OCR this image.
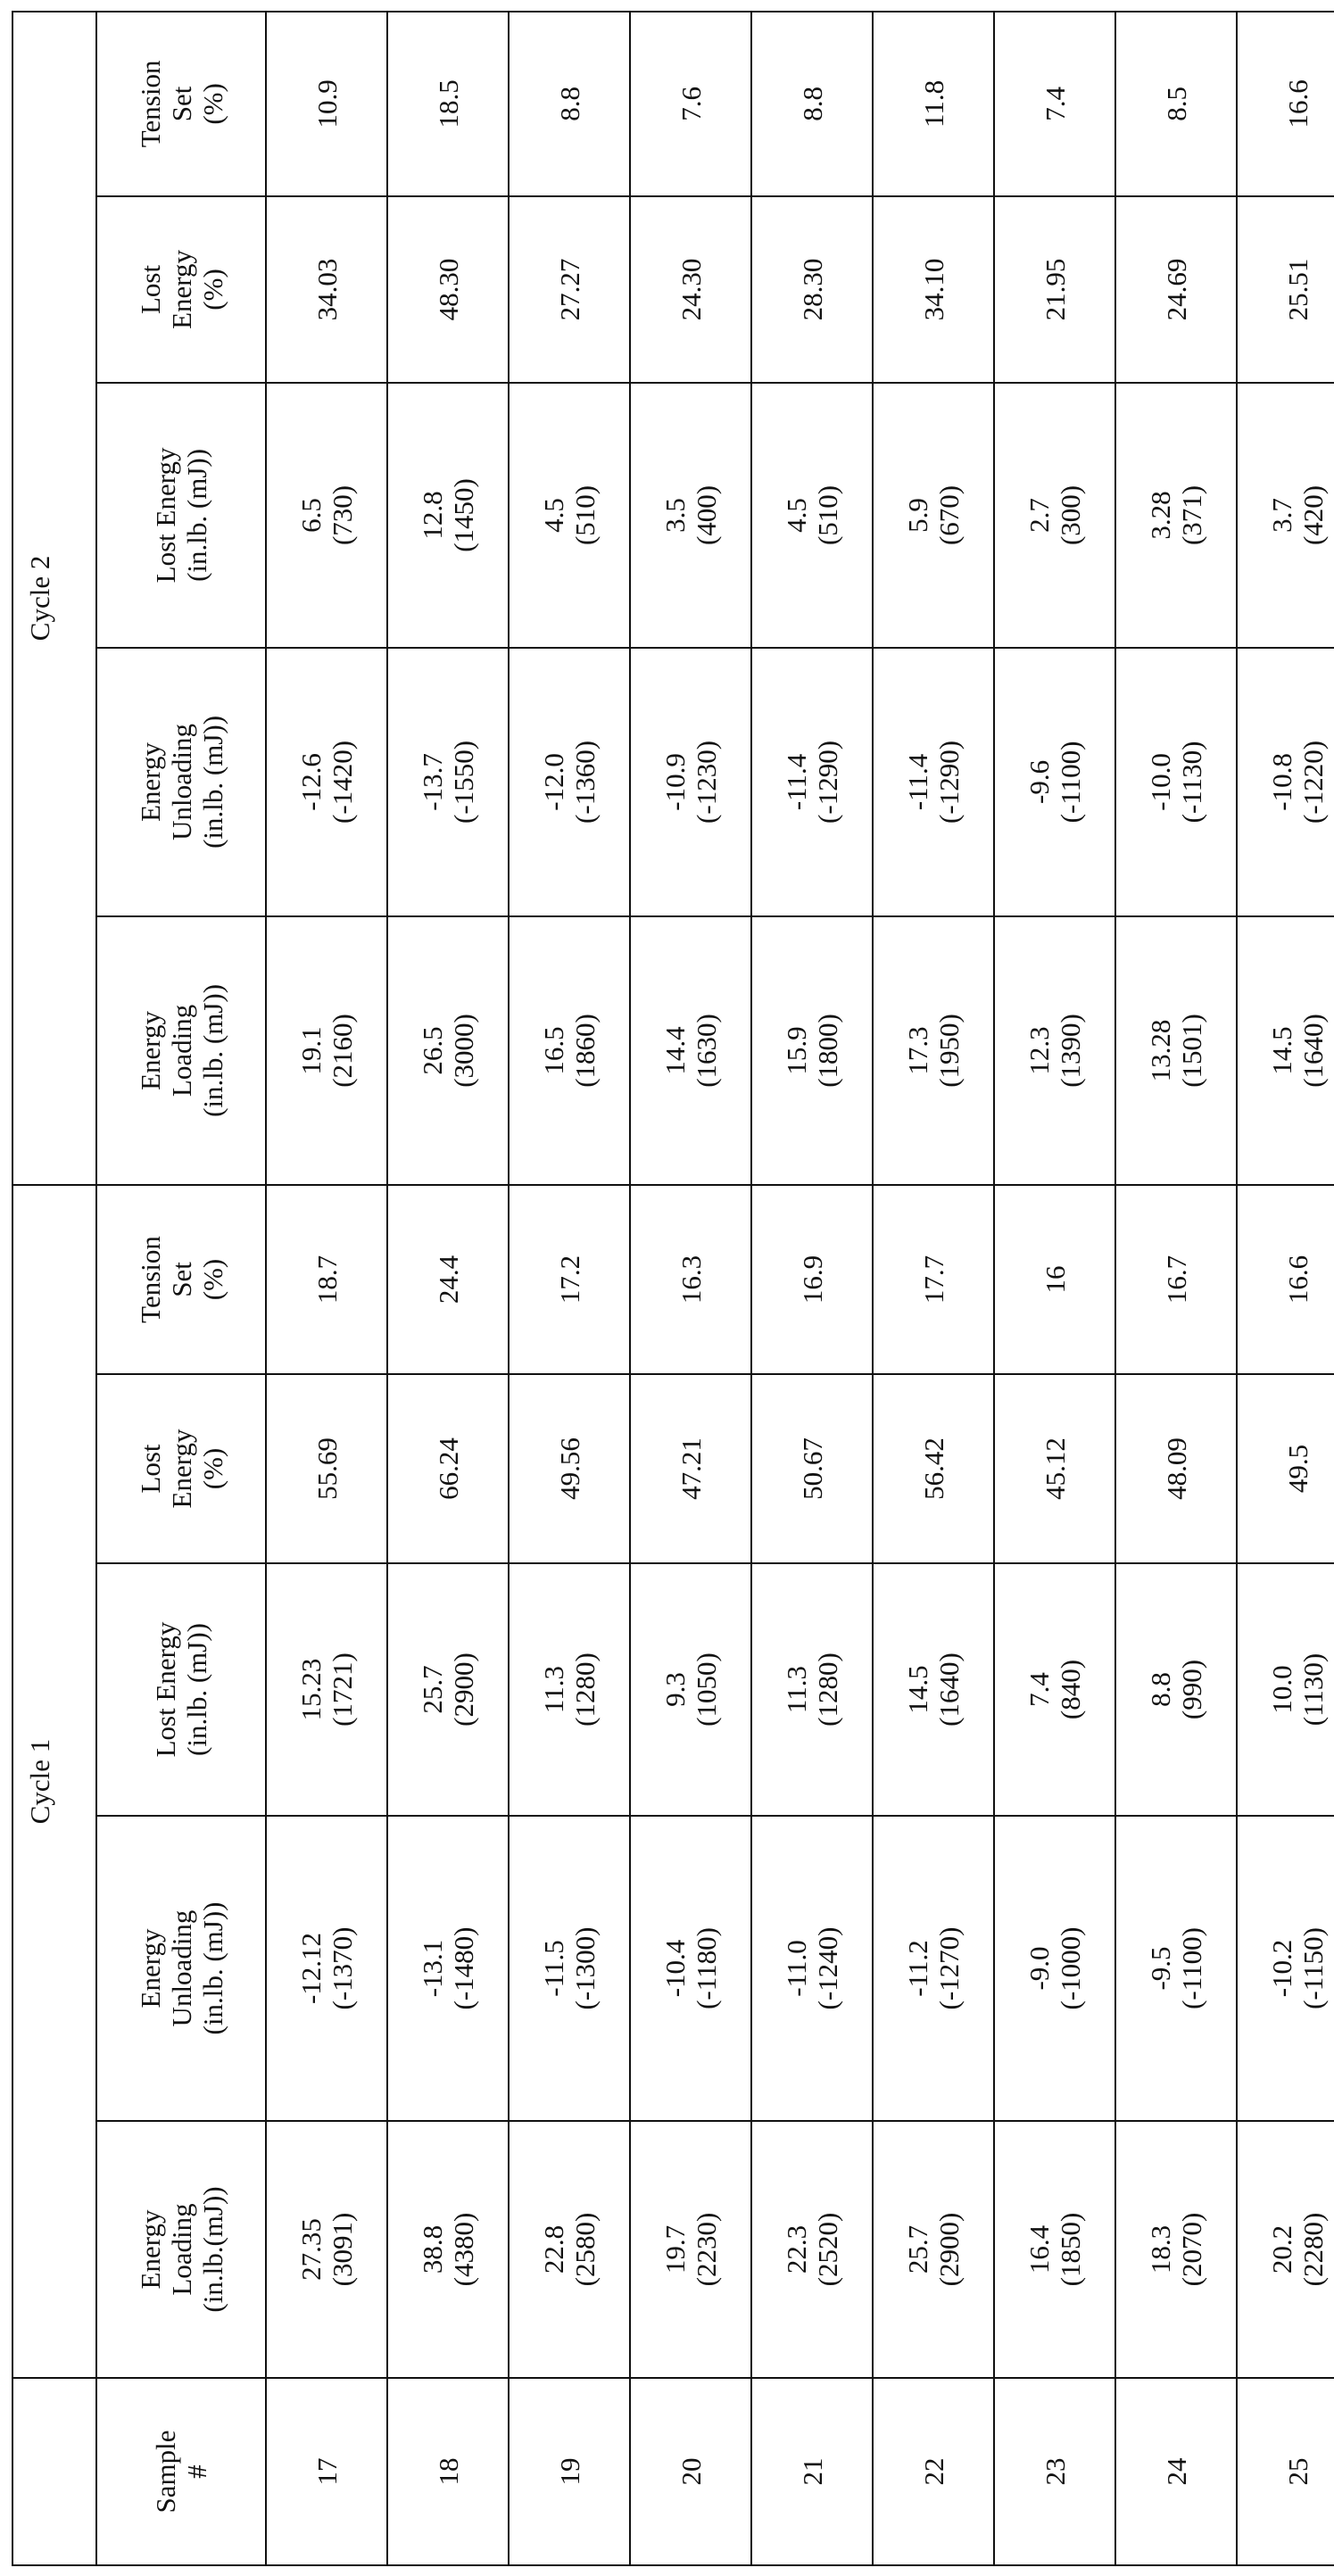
	Cycle 1	Cycle 2

Sample #

Energy Loading (in.lb.(mJ))

Energy Unloading (in.lb. (mJ))

Lost Energy (in.lb. (mJ))

Lost Energy (%)

Tension Set (%)

Energy Loading (in.lb. (mJ))

Energy Unloading (in.lb. (mJ))

Lost Energy (in.lb. (mJ))

Lost Energy (%)

Tension Set (%)

17	
27.35 (3091)

-12.12 (-1370)

15.23 (1721)

55.69

18.7

19.1 (2160)

-12.6 (-1420)

6.5 (730)

34.03

10.9

18	
38.8 (4380)

-13.1 (-1480)

25.7 (2900)

66.24

24.4

26.5 (3000)

-13.7 (-1550)

12.8 (1450)

48.30

18.5

19	
22.8 (2580)

-11.5 (-1300)

11.3 (1280)

49.56

17.2

16.5 (1860)

-12.0 (-1360)

4.5 (510)

27.27

8.8

20	
19.7 (2230)

-10.4 (-1180)

9.3 (1050)

47.21

16.3

14.4 (1630)

-10.9 (-1230)

3.5 (400)

24.30

7.6

21	
22.3 (2520)

-11.0 (-1240)

11.3 (1280)

50.67

16.9

15.9 (1800)

-11.4 (-1290)

4.5 (510)

28.30

8.8

22	
25.7 (2900)

-11.2 (-1270)

14.5 (1640)

56.42

17.7

17.3 (1950)

-11.4 (-1290)

5.9 (670)

34.10

11.8

23	
16.4 (1850)

-9.0 (-1000)

7.4 (840)

45.12

16

12.3 (1390)

-9.6 (-1100)

2.7 (300)

21.95

7.4

24	
18.3 (2070)

-9.5 (-1100)

8.8 (990)

48.09

16.7

13.28 (1501)

-10.0 (-1130)

3.28 (371)

24.69

8.5

25	
20.2 (2280)

-10.2 (-1150)

10.0 (1130)

49.5

16.6

14.5 (1640)

-10.8 (-1220)

3.7 (420)

25.51

16.6
